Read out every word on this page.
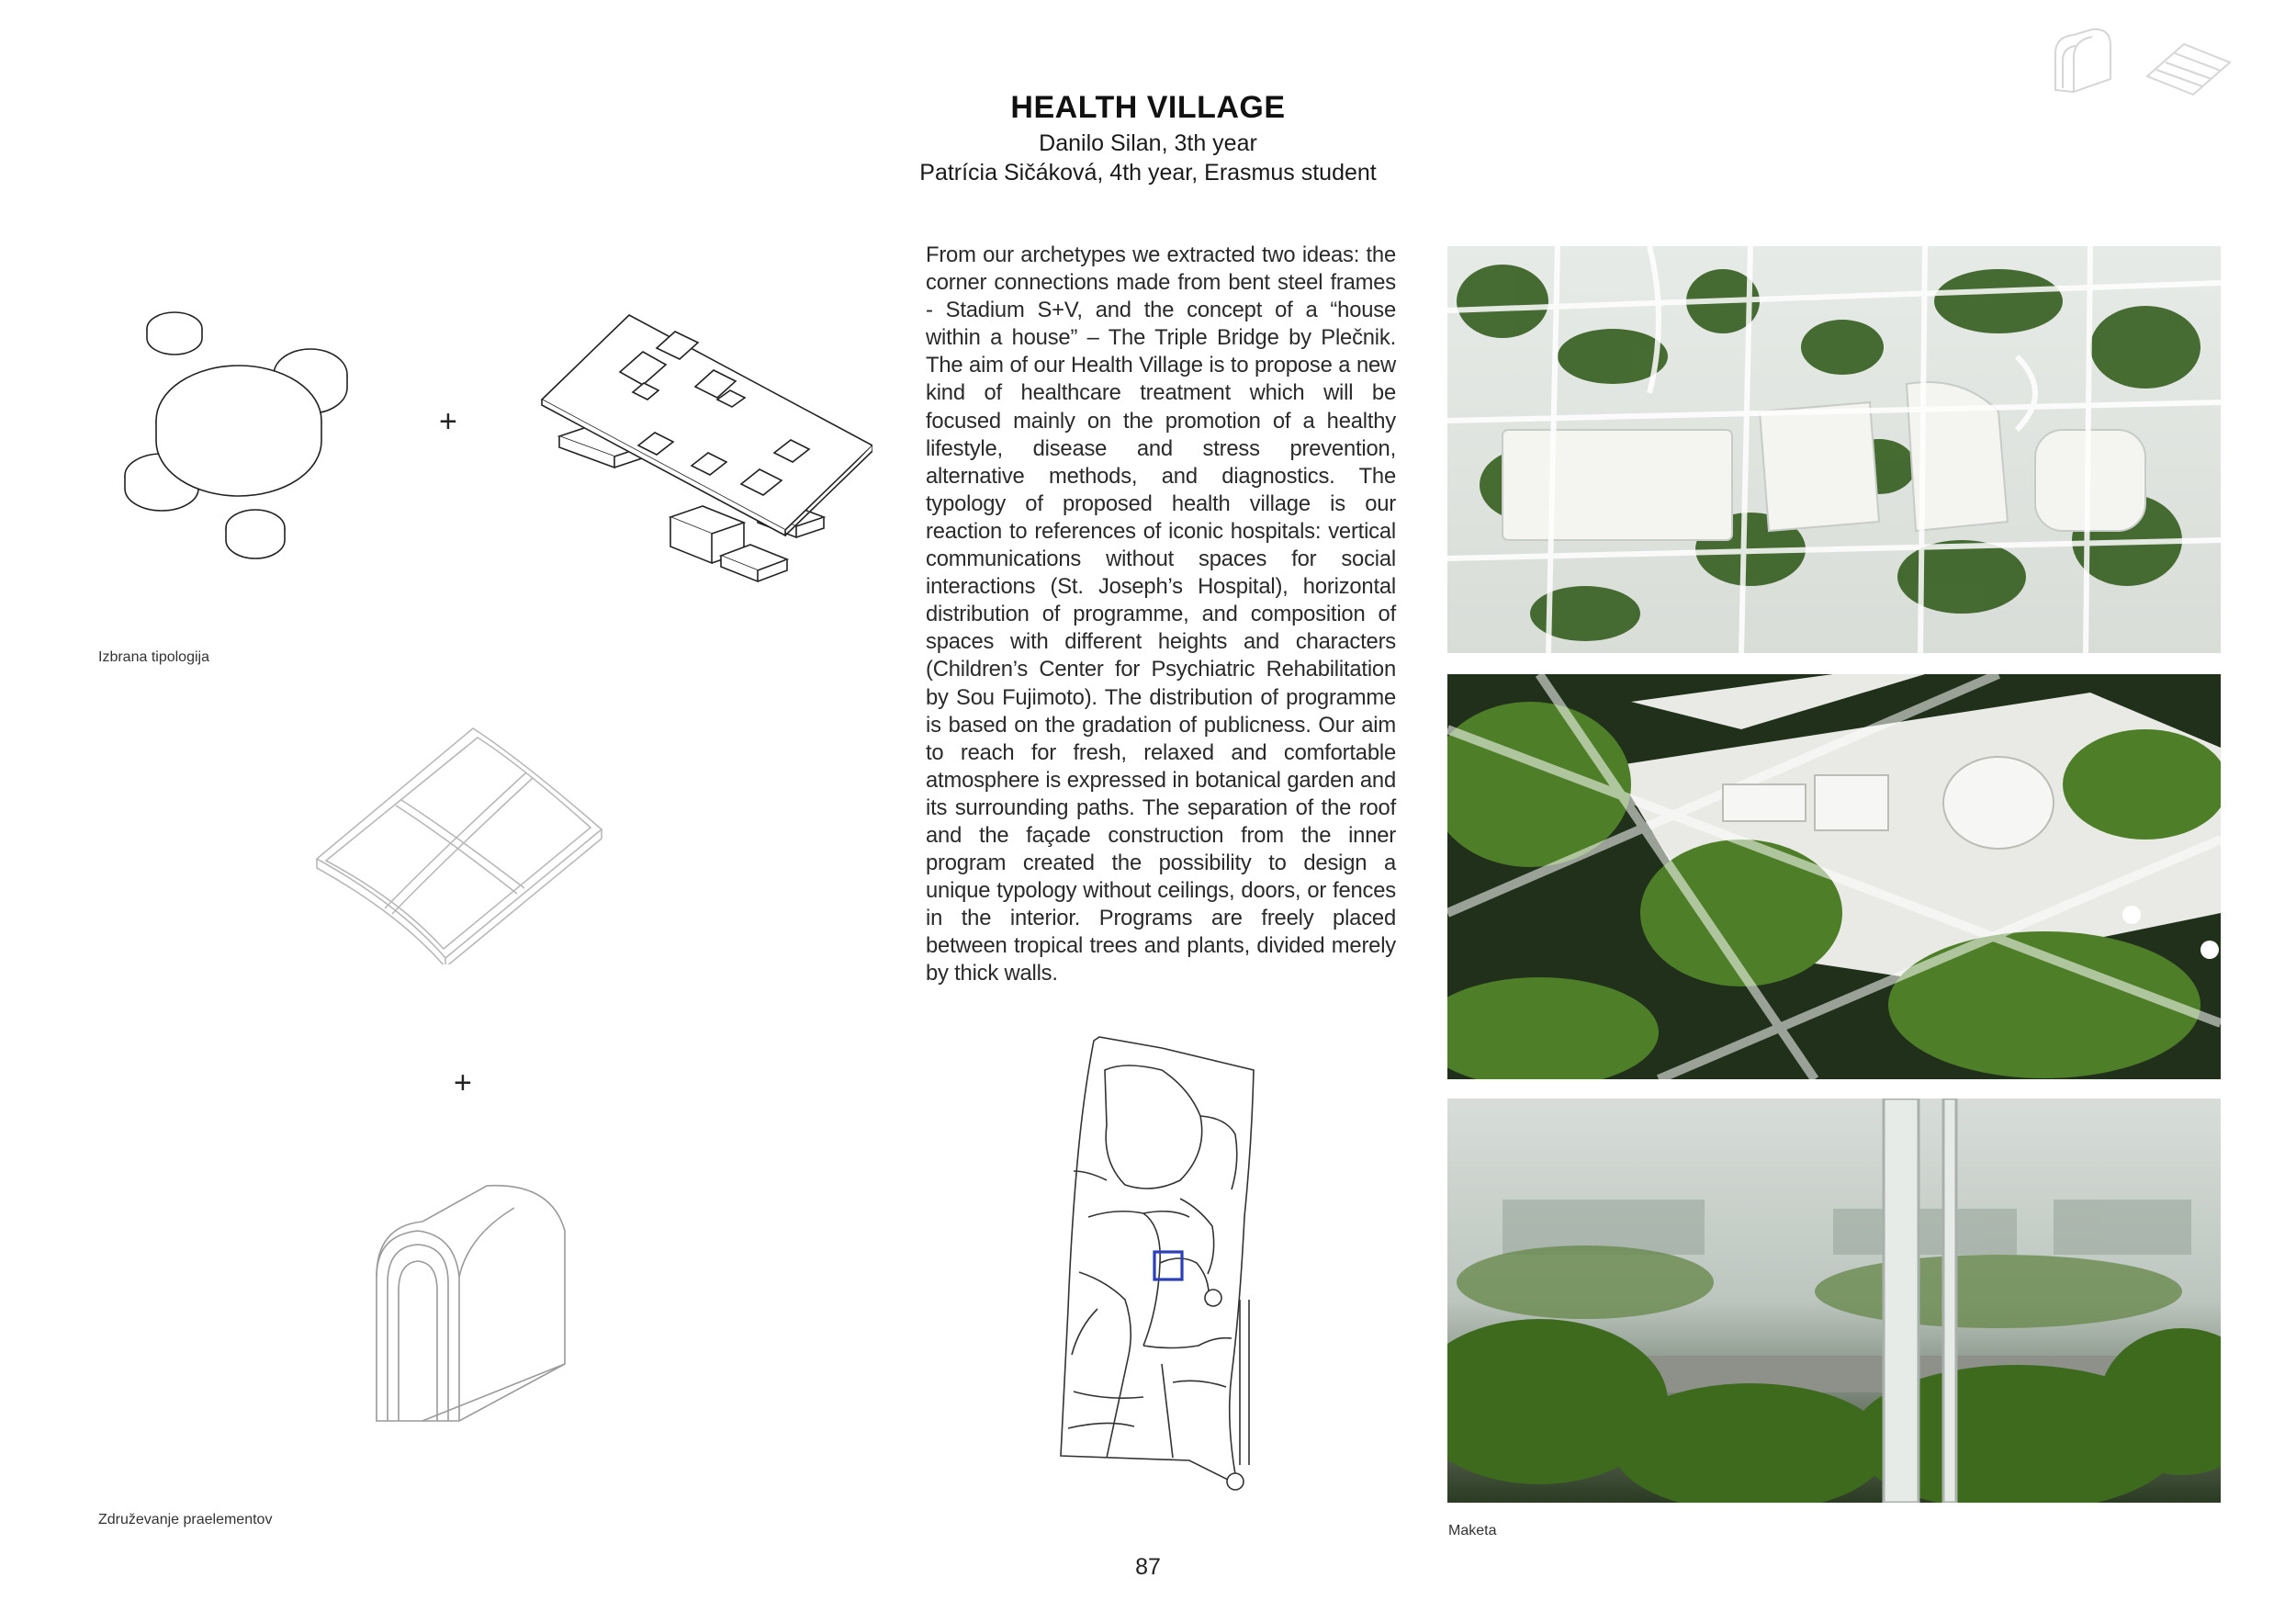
HEALTH VILLAGE
Danilo Silan, 3th year
Patrícia Sičáková, 4th year, Erasmus student
+
Izbrana tipologija
+
Združevanje praelementov
From our archetypes we extracted two ideas: the corner connections made from bent steel frames - Stadium S+V, and the concept of a “house within a house” – The Triple Bridge by Plečnik. The aim of our Health Village is to propose a new kind of healthcare treatment which will be focused mainly on the promotion of a healthy lifestyle, disease and stress prevention, alternative methods, and diagnostics. The typology of proposed health village is our reaction to references of iconic hospitals: vertical communications without spaces for social interactions (St. Joseph’s Hospital), horizontal distribution of programme, and composition of spaces with different heights and characters (Children’s Center for Psychiatric Rehabilitation by Sou Fujimoto). The distribution of programme is based on the gradation of publicness. Our aim to reach for fresh, relaxed and comfortable atmosphere is expressed in botanical garden and its surrounding paths. The separation of the roof and the façade construction from the inner program created the possibility to design a unique typology without ceilings, doors, or fences in the interior. Programs are freely placed between tropical trees and plants, divided merely by thick walls.
Maketa
87
